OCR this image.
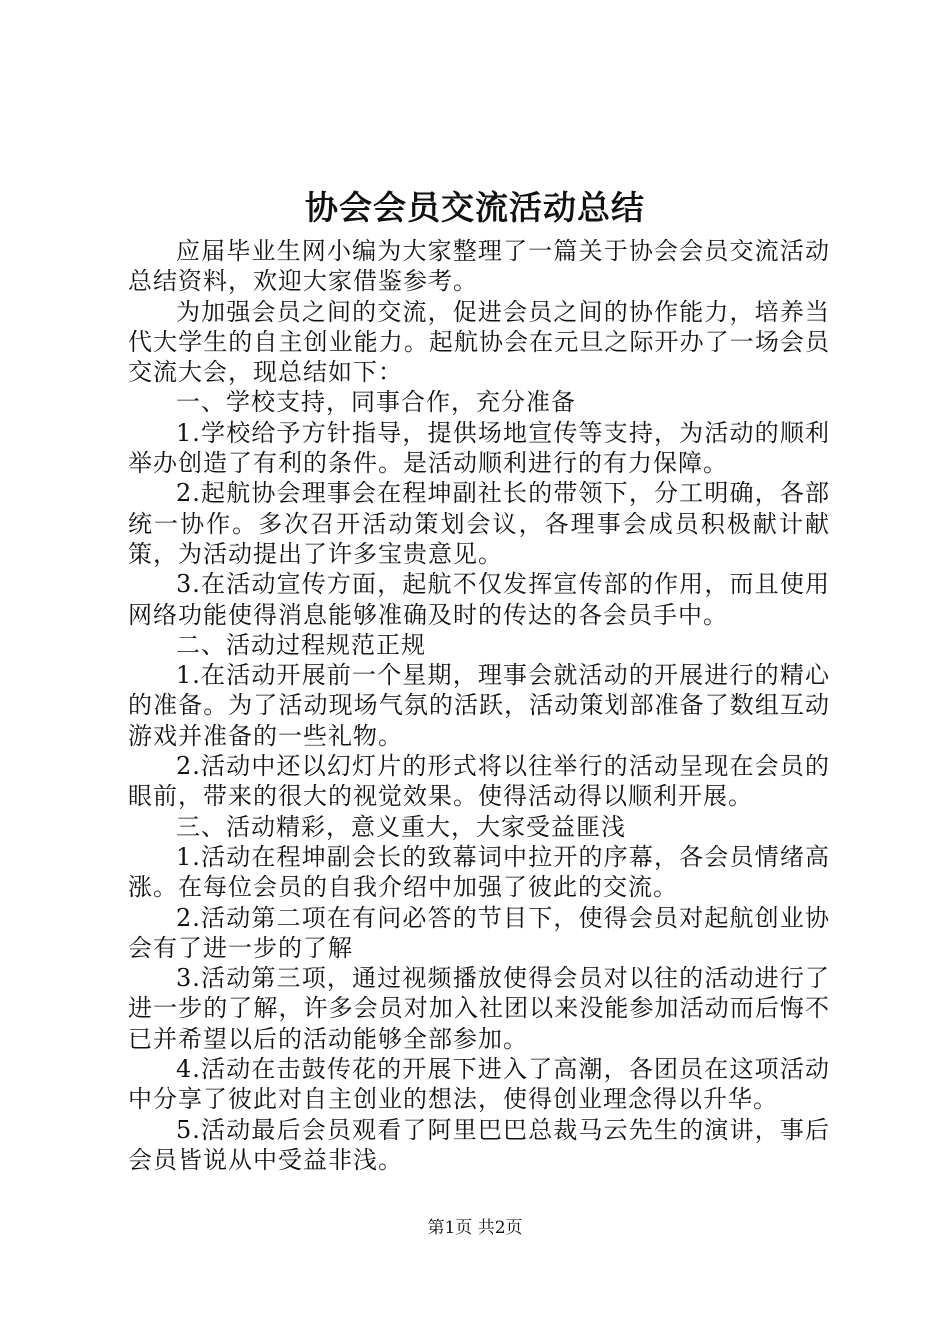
协会会员交流活动总结

应届毕业生网小编为大家整理了一篇关于协会会员交流活动总结资料，欢迎大家借鉴参考。

为加强会员之间的交流，促进会员之间的协作能力，培养当代大学生的自主创业能力。起航协会在元旦之际开办了一场会员交流大会，现总结如下：

一、学校支持，同事合作，充分准备

1.学校给予方针指导，提供场地宣传等支持，为活动的顺利举办创造了有利的条件。是活动顺利进行的有力保障。

2.起航协会理事会在程坤副社长的带领下，分工明确，各部统一协作。多次召开活动策划会议，各理事会成员积极献计献策，为活动提出了许多宝贵意见。

3.在活动宣传方面，起航不仅发挥宣传部的作用，而且使用网络功能使得消息能够准确及时的传达的各会员手中。

二、活动过程规范正规

1.在活动开展前一个星期，理事会就活动的开展进行的精心的准备。为了活动现场气氛的活跃，活动策划部准备了数组互动游戏并准备的一些礼物。

2.活动中还以幻灯片的形式将以往举行的活动呈现在会员的眼前，带来的很大的视觉效果。使得活动得以顺利开展。

三、活动精彩，意义重大，大家受益匪浅

1.活动在程坤副会长的致幕词中拉开的序幕，各会员情绪高涨。在每位会员的自我介绍中加强了彼此的交流。

2.活动第二项在有问必答的节目下，使得会员对起航创业协会有了进一步的了解

3.活动第三项，通过视频播放使得会员对以往的活动进行了进一步的了解，许多会员对加入社团以来没能参加活动而后悔不已并希望以后的活动能够全部参加。

4.活动在击鼓传花的开展下进入了高潮，各团员在这项活动中分享了彼此对自主创业的想法，使得创业理念得以升华。

5.活动最后会员观看了阿里巴巴总裁马云先生的演讲，事后会员皆说从中受益非浅。

第1页 共2页
